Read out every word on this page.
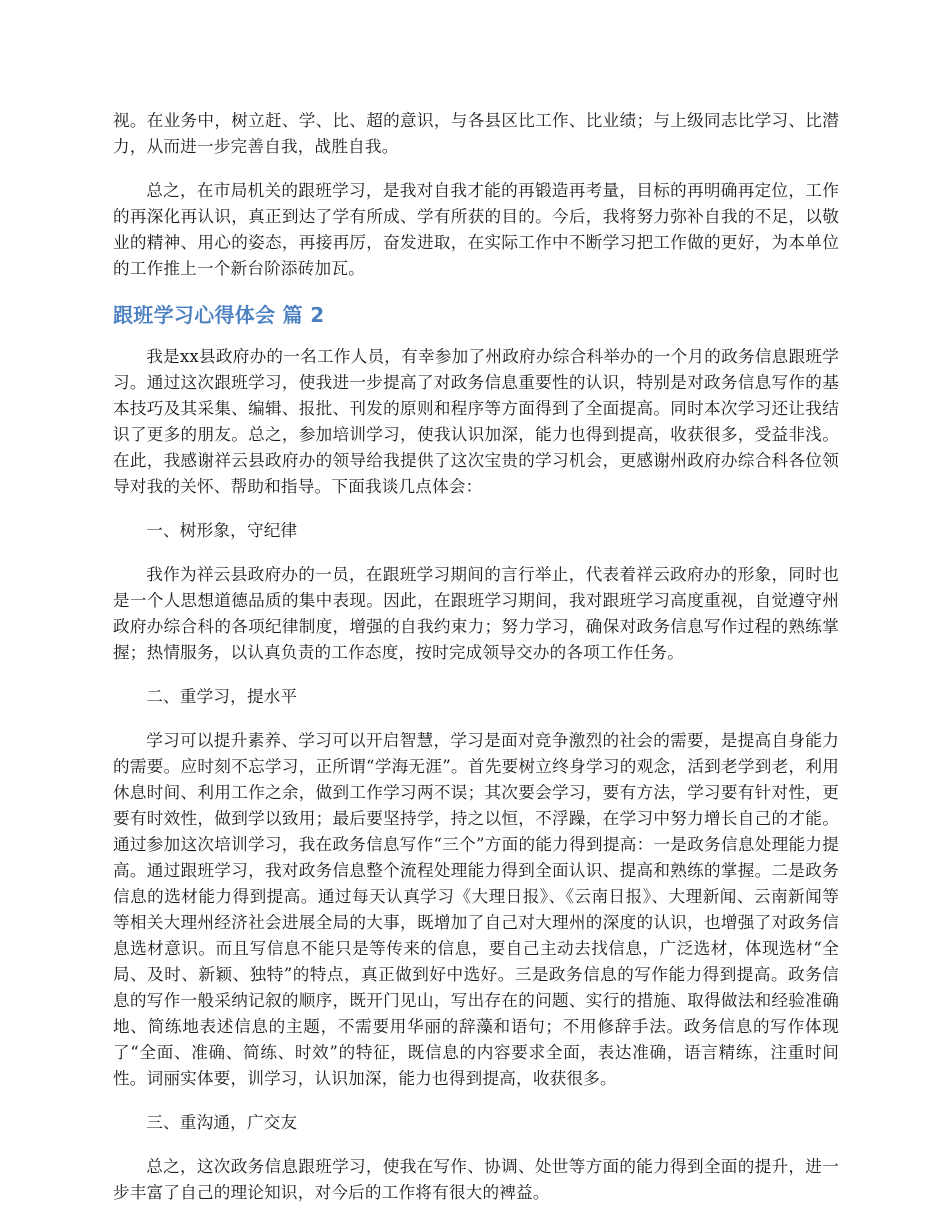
视。在业务中，树立赶、学、比、超的意识，与各县区比工作、比业绩；与上级同志比学习、比潜力，从而进一步完善自我，战胜自我。

总之，在市局机关的跟班学习，是我对自我才能的再锻造再考量，目标的再明确再定位，工作的再深化再认识，真正到达了学有所成、学有所获的目的。今后，我将努力弥补自我的不足，以敬业的精神、用心的姿态，再接再厉，奋发进取，在实际工作中不断学习把工作做的更好，为本单位的工作推上一个新台阶添砖加瓦。

跟班学习心得体会 篇 2

我是xx县政府办的一名工作人员，有幸参加了州政府办综合科举办的一个月的政务信息跟班学习。通过这次跟班学习，使我进一步提高了对政务信息重要性的认识，特别是对政务信息写作的基本技巧及其采集、编辑、报批、刊发的原则和程序等方面得到了全面提高。同时本次学习还让我结识了更多的朋友。总之，参加培训学习，使我认识加深，能力也得到提高，收获很多，受益非浅。在此，我感谢祥云县政府办的领导给我提供了这次宝贵的学习机会，更感谢州政府办综合科各位领导对我的关怀、帮助和指导。下面我谈几点体会：

一、树形象，守纪律

我作为祥云县政府办的一员，在跟班学习期间的言行举止，代表着祥云政府办的形象，同时也是一个人思想道德品质的集中表现。因此，在跟班学习期间，我对跟班学习高度重视，自觉遵守州政府办综合科的各项纪律制度，增强的自我约束力；努力学习，确保对政务信息写作过程的熟练掌握；热情服务，以认真负责的工作态度，按时完成领导交办的各项工作任务。

二、重学习，提水平

学习可以提升素养、学习可以开启智慧，学习是面对竞争激烈的社会的需要，是提高自身能力的需要。应时刻不忘学习，正所谓“学海无涯”。首先要树立终身学习的观念，活到老学到老，利用休息时间、利用工作之余，做到工作学习两不误；其次要会学习，要有方法，学习要有针对性，更要有时效性，做到学以致用；最后要坚持学，持之以恒，不浮躁，在学习中努力增长自己的才能。通过参加这次培训学习，我在政务信息写作“三个”方面的能力得到提高：一是政务信息处理能力提高。通过跟班学习，我对政务信息整个流程处理能力得到全面认识、提高和熟练的掌握。二是政务信息的选材能力得到提高。通过每天认真学习《大理日报》、《云南日报》、大理新闻、云南新闻等等相关大理州经济社会进展全局的大事，既增加了自己对大理州的深度的认识，也增强了对政务信息选材意识。而且写信息不能只是等传来的信息，要自己主动去找信息，广泛选材，体现选材“全局、及时、新颖、独特”的特点，真正做到好中选好。三是政务信息的写作能力得到提高。政务信息的写作一般采纳记叙的顺序，既开门见山，写出存在的问题、实行的措施、取得做法和经验准确地、简练地表述信息的主题，不需要用华丽的辞藻和语句；不用修辞手法。政务信息的写作体现了“全面、准确、简练、时效”的特征，既信息的内容要求全面，表达准确，语言精练，注重时间性。词丽实体要，训学习，认识加深，能力也得到提高，收获很多。

三、重沟通，广交友

总之，这次政务信息跟班学习，使我在写作、协调、处世等方面的能力得到全面的提升，进一步丰富了自己的理论知识，对今后的工作将有很大的裨益。
